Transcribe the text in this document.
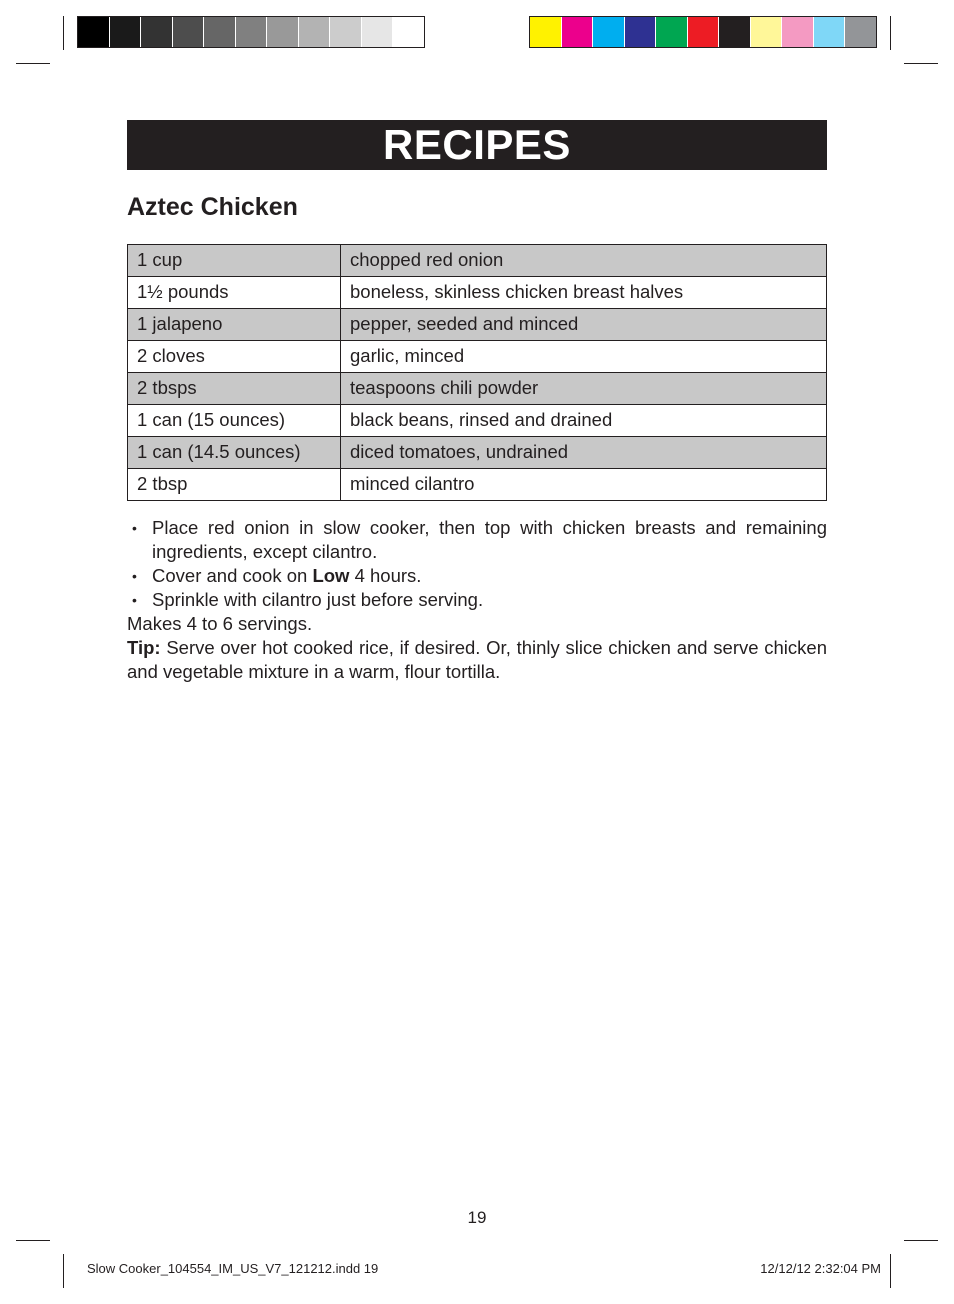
RECIPES
Aztec Chicken
1 cup	chopped red onion
1½ pounds	boneless, skinless chicken breast halves
1 jalapeno	pepper, seeded and minced
2 cloves	garlic, minced
2 tbsps	teaspoons chili powder
1 can (15 ounces)	black beans, rinsed and drained
1 can (14.5 ounces)	diced tomatoes, undrained
2 tbsp	minced cilantro
• Place red onion in slow cooker, then top with chicken breasts and remaining ingredients, except cilantro.
• Cover and cook on Low 4 hours.
• Sprinkle with cilantro just before serving.

Makes 4 to 6 servings.

Tip: Serve over hot cooked rice, if desired. Or, thinly slice chicken and serve chicken and vegetable mixture in a warm, flour tortilla.

19
Slow Cooker_104554_IM_US_V7_121212.indd 19	12/12/12 2:32:04 PM
